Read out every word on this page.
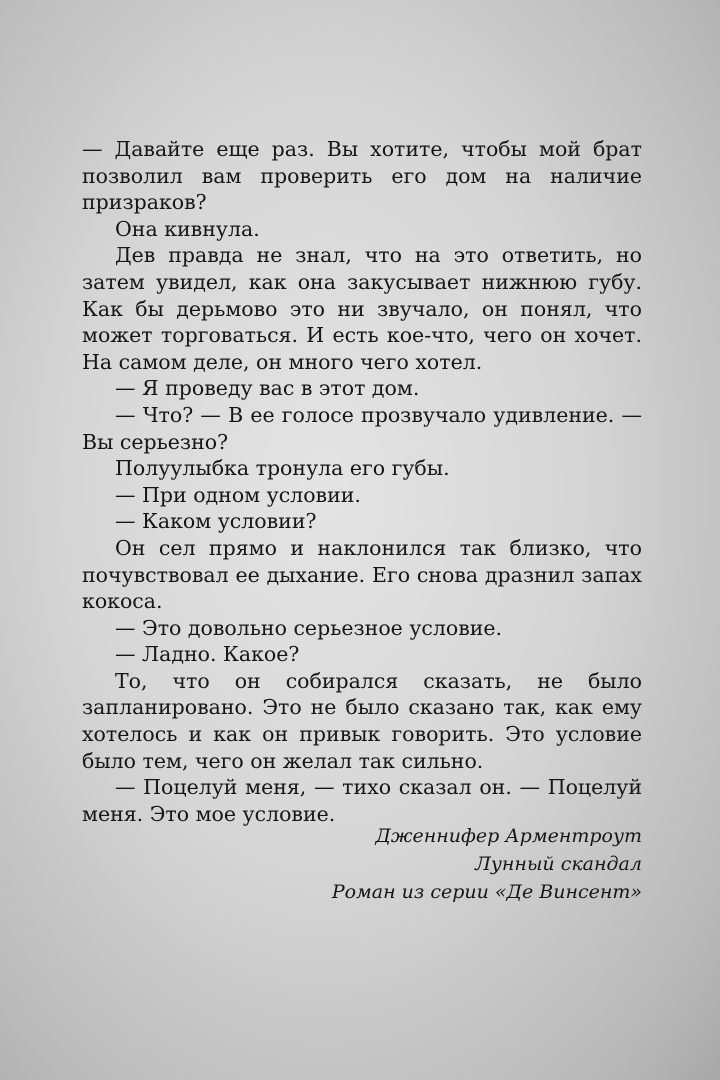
— Давайте еще раз. Вы хотите, чтобы мой брат позволил вам проверить его дом на наличие призраков?

Она кивнула.

Дев правда не знал, что на это ответить, но затем увидел, как она закусывает нижнюю губу. Как бы дерьмово это ни звучало, он понял, что может торговаться. И есть кое-что, чего он хочет. На самом деле, он много чего хотел.

— Я проведу вас в этот дом.

— Что? — В ее голосе прозвучало удивление. — Вы серьезно?

Полуулыбка тронула его губы.

— При одном условии.

— Каком условии?

Он сел прямо и наклонился так близко, что почувствовал ее дыхание. Его снова дразнил запах кокоса.

— Это довольно серьезное условие.

— Ладно. Какое?

То, что он собирался сказать, не было запланировано. Это не было сказано так, как ему хотелось и как он привык говорить. Это условие было тем, чего он желал так сильно.

— Поцелуй меня, — тихо сказал он. — Поцелуй меня. Это мое условие.

Дженнифер Арментроут
Лунный скандал
Роман из серии «Де Винсент»
